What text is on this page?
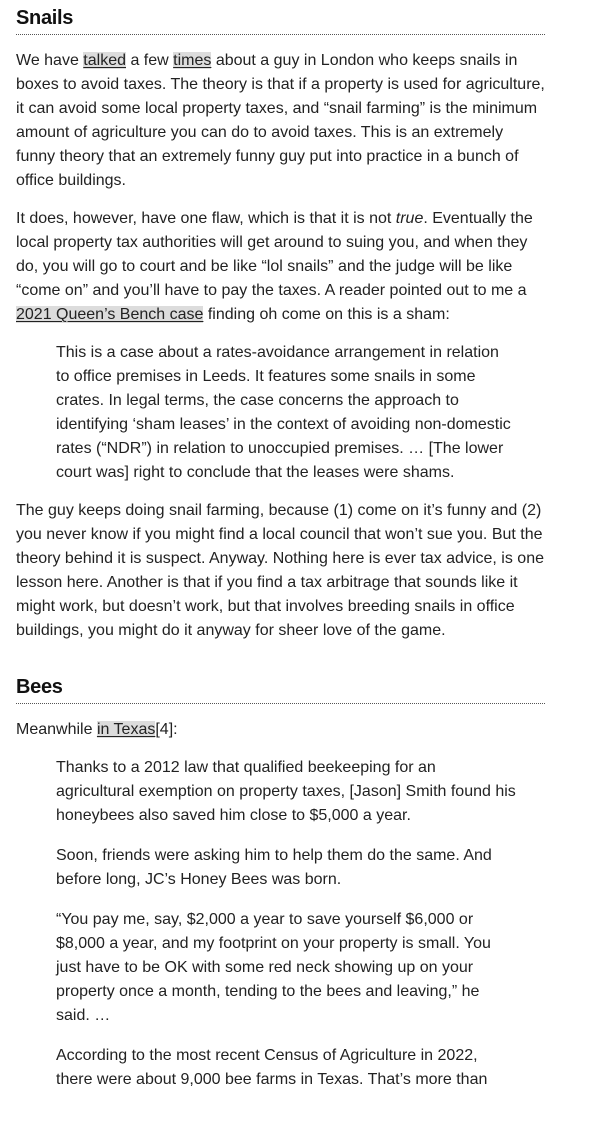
Snails

We have talked a few times about a guy in London who keeps snails in boxes to avoid taxes. The theory is that if a property is used for agriculture, it can avoid some local property taxes, and “snail farming” is the minimum amount of agriculture you can do to avoid taxes. This is an extremely funny theory that an extremely funny guy put into practice in a bunch of office buildings.

It does, however, have one flaw, which is that it is not true. Eventually the local property tax authorities will get around to suing you, and when they do, you will go to court and be like “lol snails” and the judge will be like “come on” and you’ll have to pay the taxes. A reader pointed out to me a 2021 Queen’s Bench case finding oh come on this is a sham:

This is a case about a rates-avoidance arrangement in relation to office premises in Leeds. It features some snails in some crates. In legal terms, the case concerns the approach to identifying ‘sham leases’ in the context of avoiding non-domestic rates (“NDR”) in relation to unoccupied premises. … [The lower court was] right to conclude that the leases were shams.

The guy keeps doing snail farming, because (1) come on it’s funny and (2) you never know if you might find a local council that won’t sue you. But the theory behind it is suspect. Anyway. Nothing here is ever tax advice, is one lesson here. Another is that if you find a tax arbitrage that sounds like it might work, but doesn’t work, but that involves breeding snails in office buildings, you might do it anyway for sheer love of the game.

Bees

Meanwhile in Texas[4]:

Thanks to a 2012 law that qualified beekeeping for an agricultural exemption on property taxes, [Jason] Smith found his honeybees also saved him close to $5,000 a year.

Soon, friends were asking him to help them do the same. And before long, JC’s Honey Bees was born.

“You pay me, say, $2,000 a year to save yourself $6,000 or $8,000 a year, and my footprint on your property is small. You just have to be OK with some red neck showing up on your property once a month, tending to the bees and leaving,” he said. …

According to the most recent Census of Agriculture in 2022, there were about 9,000 bee farms in Texas. That’s more than
